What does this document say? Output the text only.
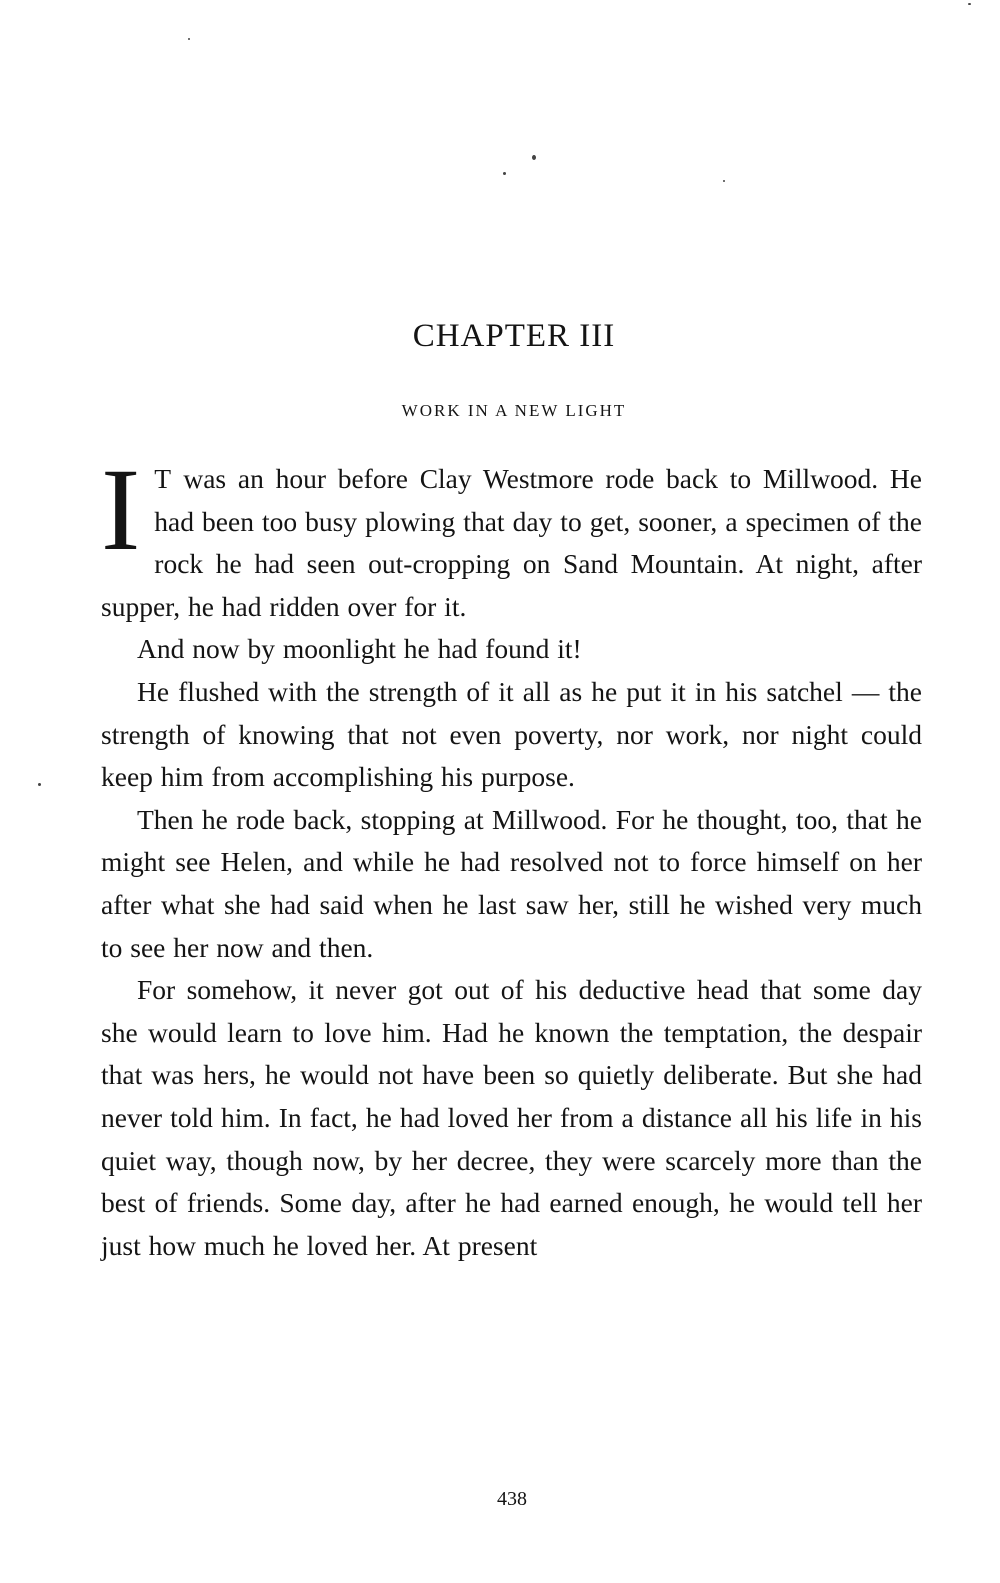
CHAPTER III
WORK IN A NEW LIGHT

I T was an hour before Clay Westmore rode back to Millwood. He had been too busy plowing that day to get, sooner, a specimen of the rock he had seen out-cropping on Sand Mountain. At night, after supper, he had ridden over for it.

And now by moonlight he had found it!

He flushed with the strength of it all as he put it in his satchel — the strength of knowing that not even poverty, nor work, nor night could keep him from accomplishing his purpose.

Then he rode back, stopping at Millwood. For he thought, too, that he might see Helen, and while he had resolved not to force himself on her after what she had said when he last saw her, still he wished very much to see her now and then.

For somehow, it never got out of his deductive head that some day she would learn to love him. Had he known the temptation, the despair that was hers, he would not have been so quietly deliberate. But she had never told him. In fact, he had loved her from a distance all his life in his quiet way, though now, by her decree, they were scarcely more than the best of friends. Some day, after he had earned enough, he would tell her just how much he loved her. At present

438
